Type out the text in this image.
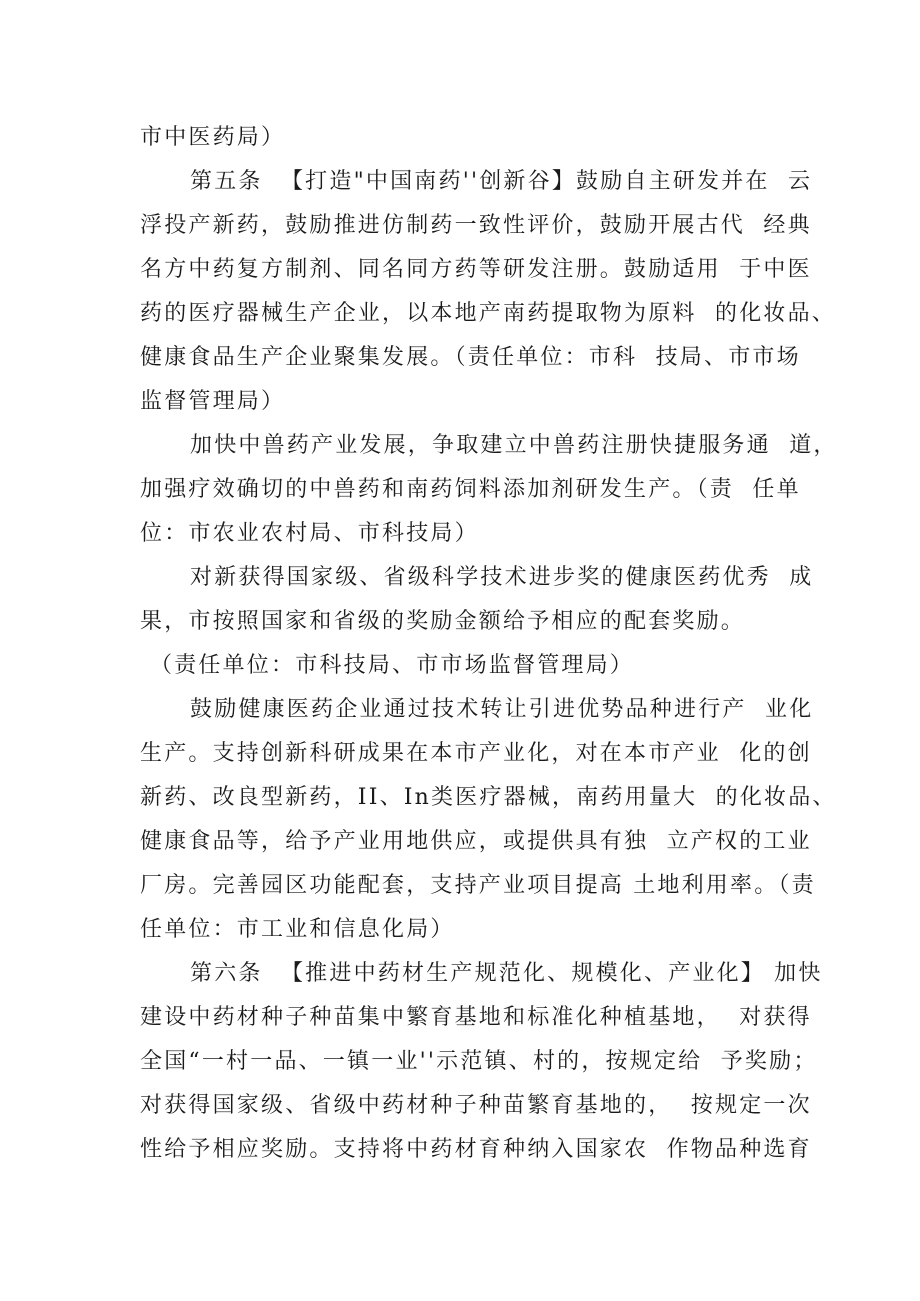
市中医药局）
第五条  【打造"中国南药''创新谷】鼓励自主研发并在  云
浮投产新药，鼓励推进仿制药一致性评价，鼓励开展古代  经典
名方中药复方制剂、同名同方药等研发注册。鼓励适用  于中医
药的医疗器械生产企业，以本地产南药提取物为原料  的化妆品、
健康食品生产企业聚集发展。（责任单位：市科  技局、市市场
监督管理局）
加快中兽药产业发展，争取建立中兽药注册快捷服务通  道，
加强疗效确切的中兽药和南药饲料添加剂研发生产。（责  任单
位：市农业农村局、市科技局）
对新获得国家级、省级科学技术进步奖的健康医药优秀  成
果，市按照国家和省级的奖励金额给予相应的配套奖励。
（责任单位：市科技局、市市场监督管理局）
鼓励健康医药企业通过技术转让引进优势品种进行产  业化
生产。支持创新科研成果在本市产业化，对在本市产业  化的创
新药、改良型新药，II、In类医疗器械，南药用量大  的化妆品、
健康食品等，给予产业用地供应，或提供具有独  立产权的工业
厂房。完善园区功能配套，支持产业项目提高 土地利用率。（责
任单位：市工业和信息化局）
第六条  【推进中药材生产规范化、规模化、产业化】 加快
建设中药材种子种苗集中繁育基地和标准化种植基地，  对获得
全国“一村一品、一镇一业''示范镇、村的，按规定给  予奖励；
对获得国家级、省级中药材种子种苗繁育基地的，  按规定一次
性给予相应奖励。支持将中药材育种纳入国家农  作物品种选育
